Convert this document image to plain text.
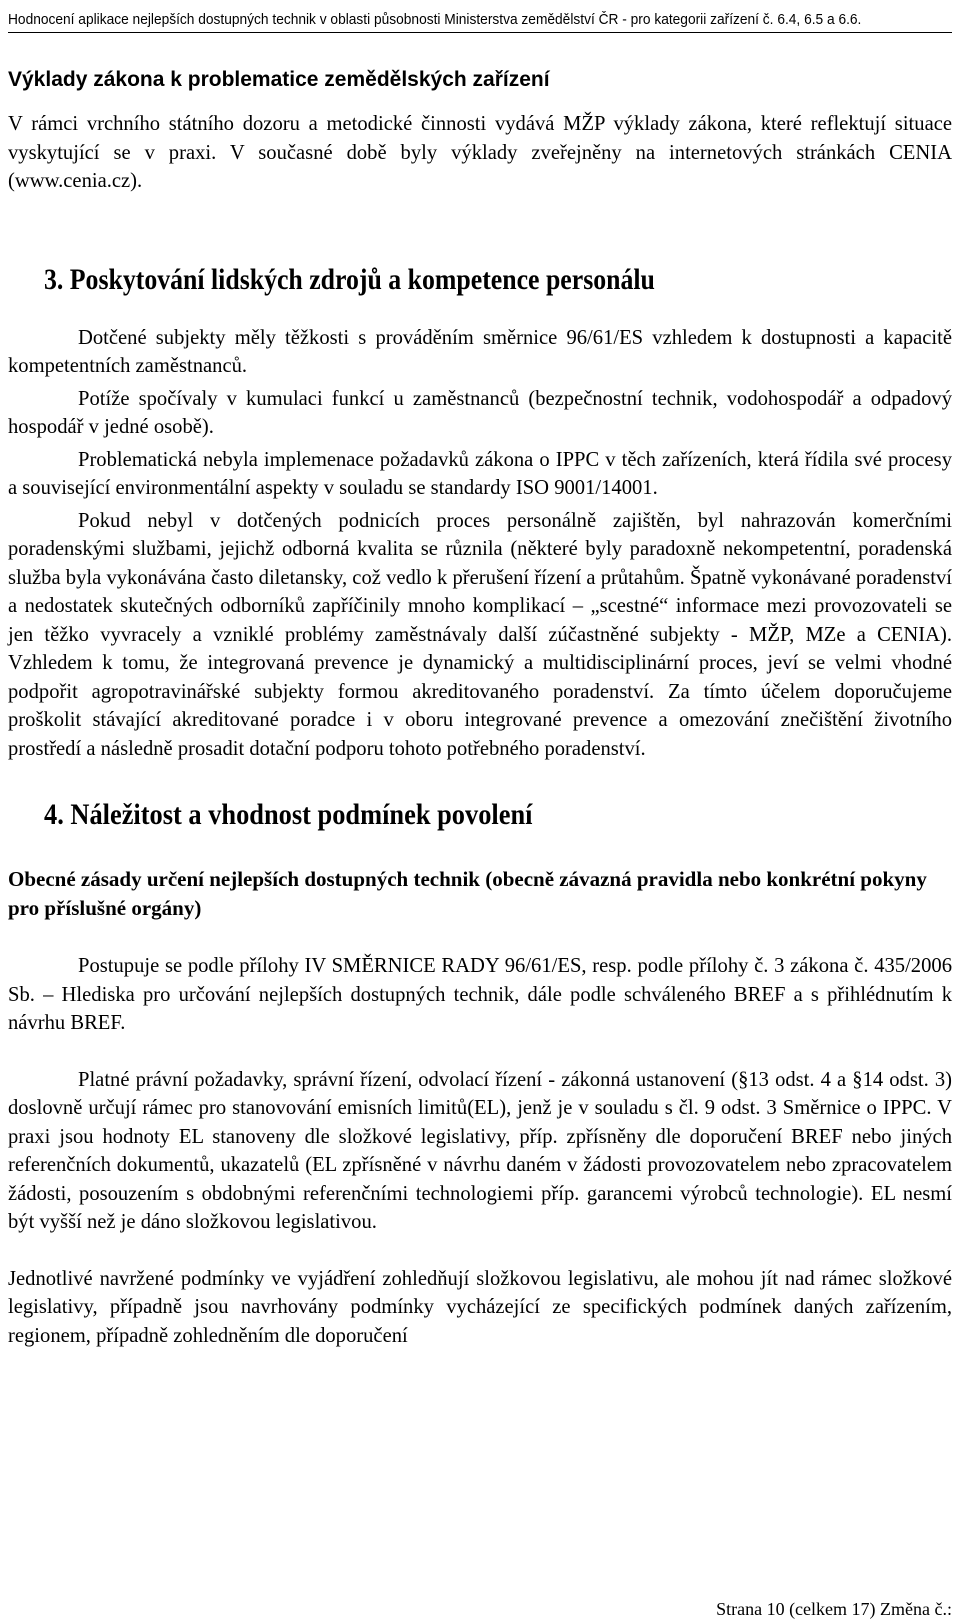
Hodnocení aplikace nejlepších dostupných technik v oblasti působnosti Ministerstva zemědělství ČR - pro kategorii zařízení č. 6.4, 6.5 a 6.6.
Výklady zákona k problematice zemědělských zařízení

V rámci vrchního státního dozoru a metodické činnosti vydává MŽP výklady zákona, které reflektují situace vyskytující se v praxi. V současné době byly výklady zveřejněny na internetových stránkách CENIA (www.cenia.cz).

3. Poskytování lidských zdrojů a kompetence personálu

Dotčené subjekty měly těžkosti s prováděním směrnice 96/61/ES vzhledem k dostupnosti a kapacitě kompetentních zaměstnanců.

Potíže spočívaly v kumulaci funkcí u zaměstnanců (bezpečnostní technik, vodohospodář a odpadový hospodář v jedné osobě).

Problematická nebyla implemenace požadavků zákona o IPPC v těch zařízeních, která řídila své procesy a související environmentální aspekty v souladu se standardy ISO 9001/14001.

Pokud nebyl v dotčených podnicích proces personálně zajištěn, byl nahrazován komerčními poradenskými službami, jejichž odborná kvalita se různila (některé byly paradoxně nekompetentní, poradenská služba byla vykonávána často diletansky, což vedlo k přerušení řízení a průtahům. Špatně vykonávané poradenství a nedostatek skutečných odborníků zapříčinily mnoho komplikací – „scestné“ informace mezi provozovateli se jen těžko vyvracely a vzniklé problémy zaměstnávaly další zúčastněné subjekty - MŽP, MZe a CENIA). Vzhledem k tomu, že integrovaná prevence je dynamický a multidisciplinární proces, jeví se velmi vhodné podpořit agropotravinářské subjekty formou akreditovaného poradenství. Za tímto účelem doporučujeme proškolit stávající akreditované poradce i v oboru integrované prevence a omezování znečištění životního prostředí a následně prosadit dotační podporu tohoto potřebného poradenství.

4. Náležitost a vhodnost podmínek povolení

Obecné zásady určení nejlepších dostupných technik (obecně závazná pravidla nebo konkrétní pokyny pro příslušné orgány)

Postupuje se podle přílohy IV SMĚRNICE RADY 96/61/ES, resp. podle přílohy č. 3 zákona č. 435/2006 Sb. – Hlediska pro určování nejlepších dostupných technik, dále podle schváleného BREF a s přihlédnutím k návrhu BREF.

Platné právní požadavky, správní řízení, odvolací řízení - zákonná ustanovení (§13 odst. 4 a §14 odst. 3) doslovně určují rámec pro stanovování emisních limitů(EL), jenž je v souladu s čl. 9 odst. 3 Směrnice o IPPC. V praxi jsou hodnoty EL stanoveny dle složkové legislativy, příp. zpřísněny dle doporučení BREF nebo jiných referenčních dokumentů, ukazatelů (EL zpřísněné v návrhu daném v žádosti provozovatelem nebo zpracovatelem žádosti, posouzením s obdobnými referenčními technologiemi příp. garancemi výrobců technologie). EL nesmí být vyšší než je dáno složkovou legislativou.

Jednotlivé navržené podmínky ve vyjádření zohledňují složkovou legislativu, ale mohou jít nad rámec složkové legislativy, případně jsou navrhovány podmínky vycházející ze specifických podmínek daných zařízením, regionem, případně zohledněním dle doporučení

Strana 10 (celkem 17) Změna č.:
